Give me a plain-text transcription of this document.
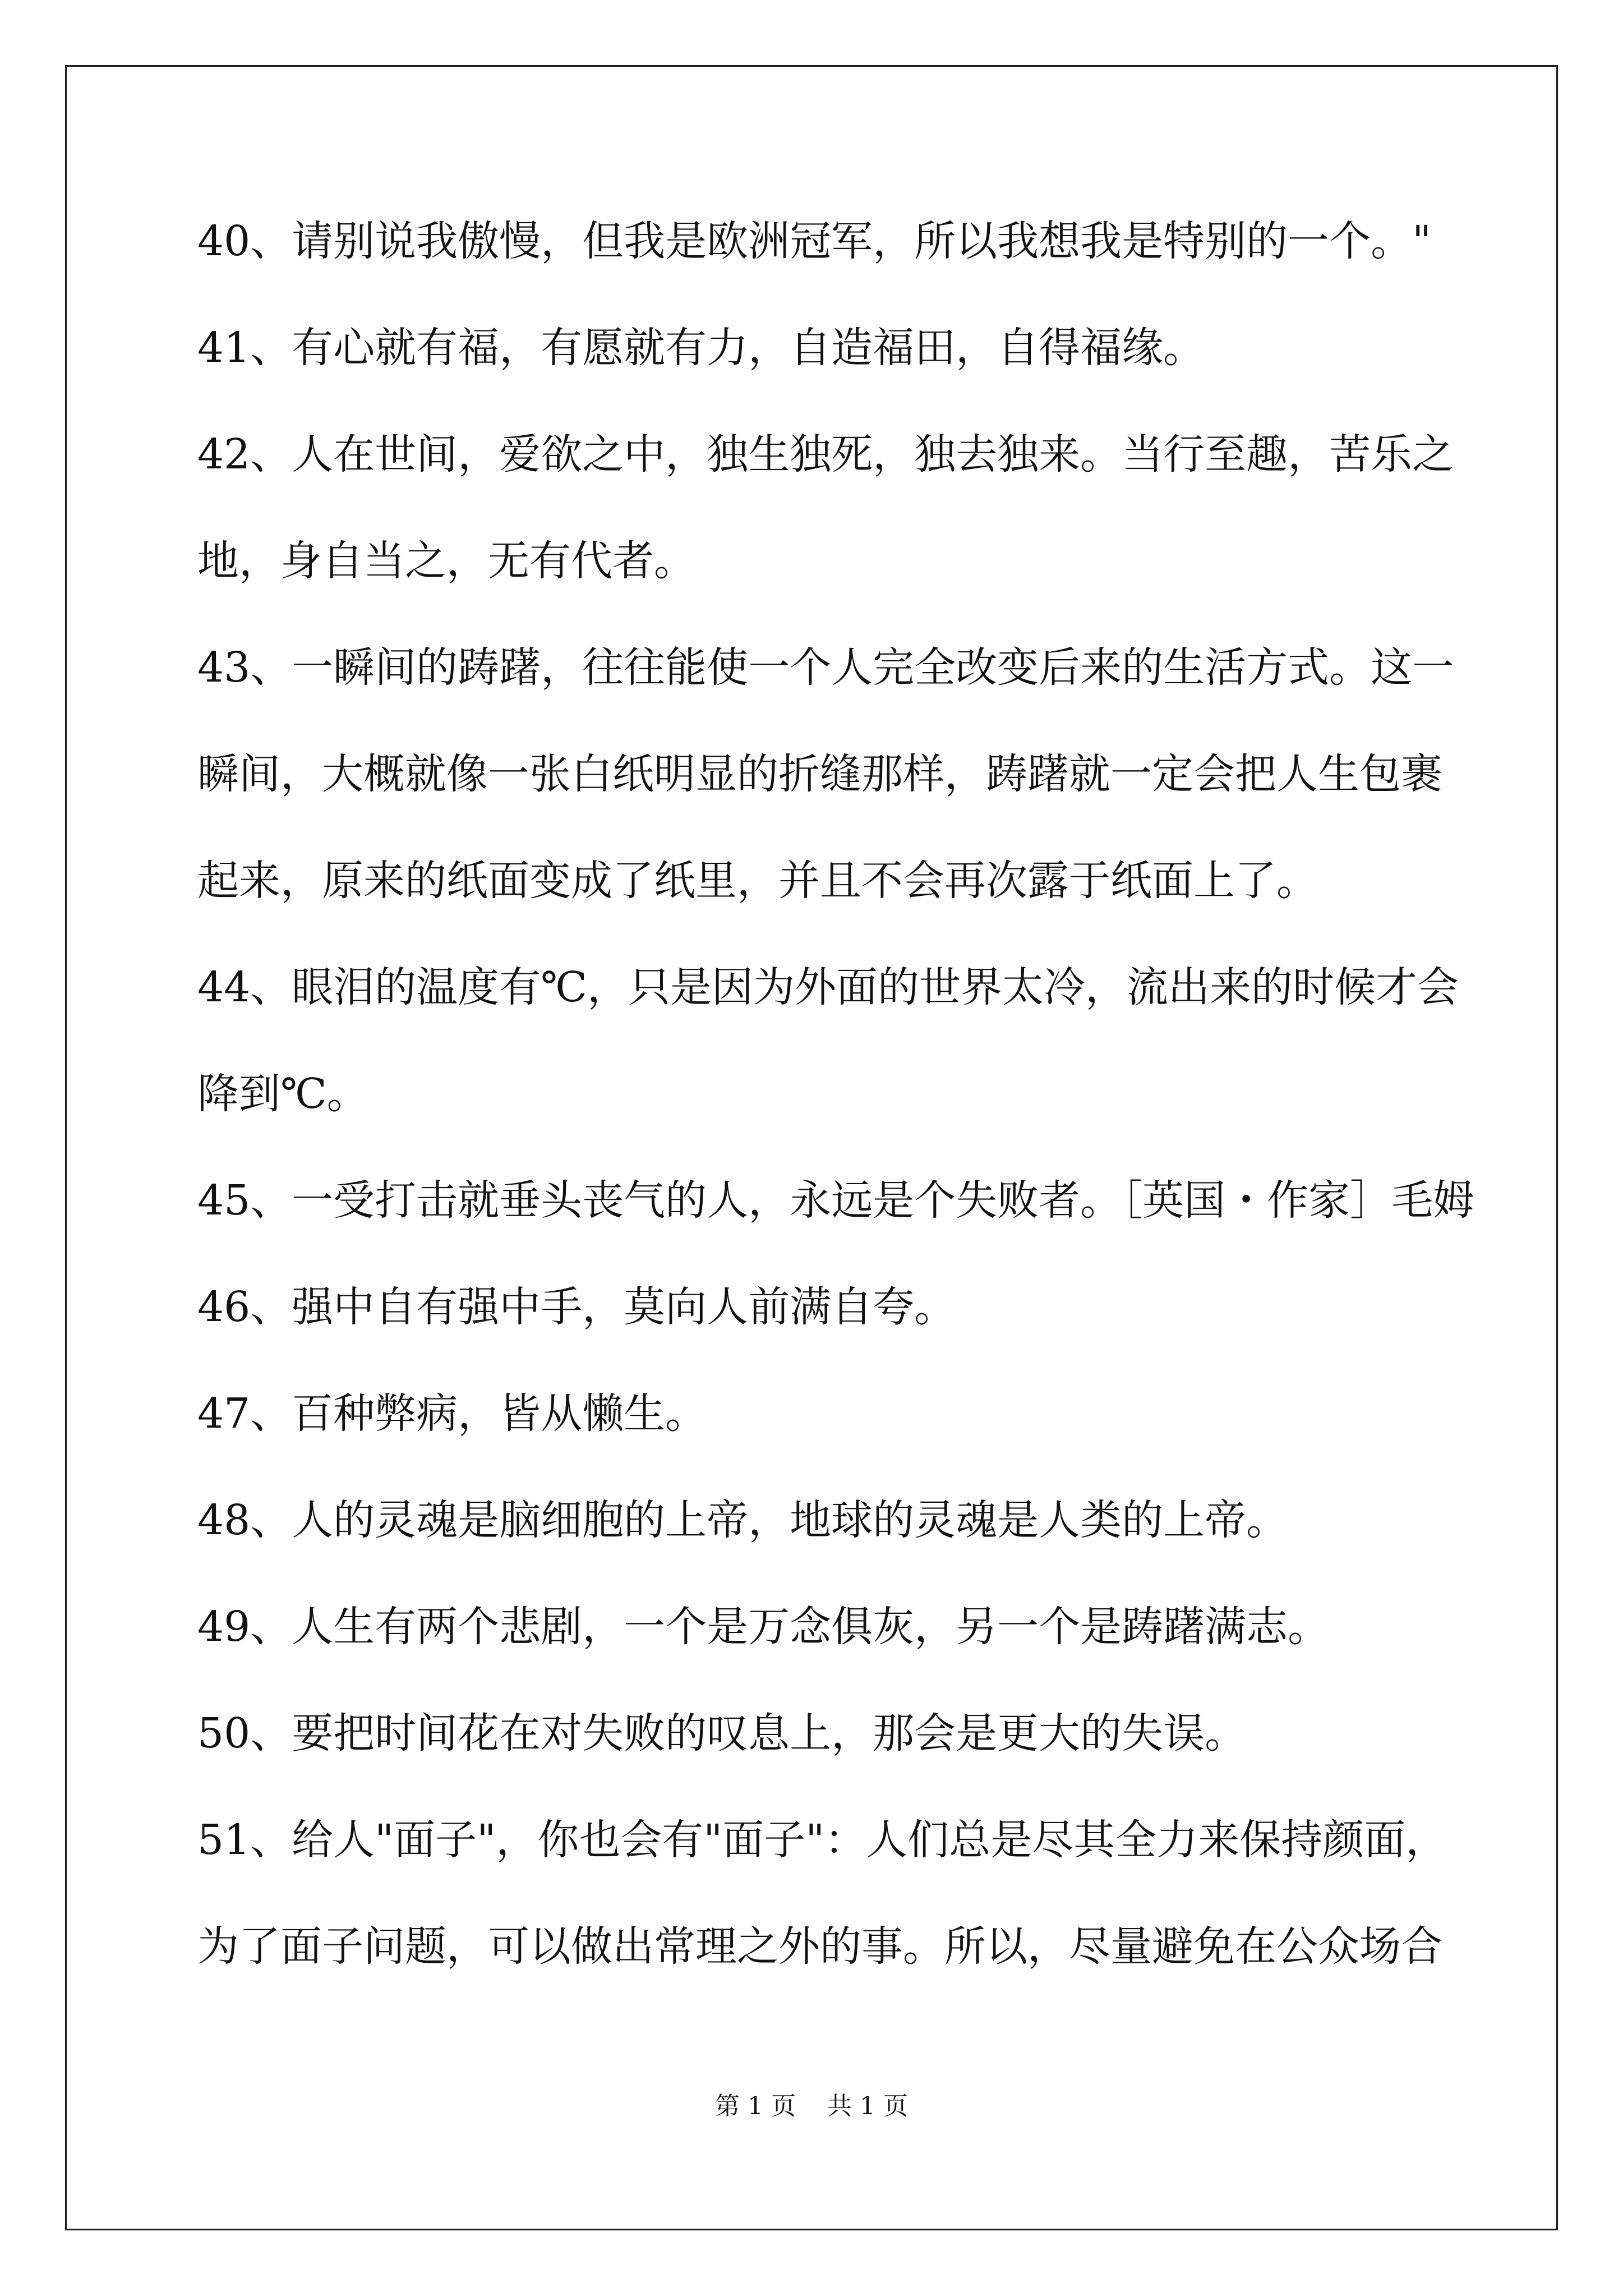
40、请别说我傲慢，但我是欧洲冠军，所以我想我是特别的一个。"
41、有心就有福，有愿就有力，自造福田，自得福缘。
42、人在世间，爱欲之中，独生独死，独去独来。当行至趣，苦乐之
地，身自当之，无有代者。
43、一瞬间的踌躇，往往能使一个人完全改变后来的生活方式。这一
瞬间，大概就像一张白纸明显的折缝那样，踌躇就一定会把人生包裹
起来，原来的纸面变成了纸里，并且不会再次露于纸面上了。
44、眼泪的温度有℃，只是因为外面的世界太冷，流出来的时候才会
降到℃。
45、一受打击就垂头丧气的人，永远是个失败者。［英国・作家］毛姆
46、强中自有强中手，莫向人前满自夸。
47、百种弊病，皆从懒生。
48、人的灵魂是脑细胞的上帝，地球的灵魂是人类的上帝。
49、人生有两个悲剧，一个是万念俱灰，另一个是踌躇满志。
50、要把时间花在对失败的叹息上，那会是更大的失误。
51、给人"面子"，你也会有"面子"：人们总是尽其全力来保持颜面，
为了面子问题，可以做出常理之外的事。所以，尽量避免在公众场合
第 1 页 共 1 页
